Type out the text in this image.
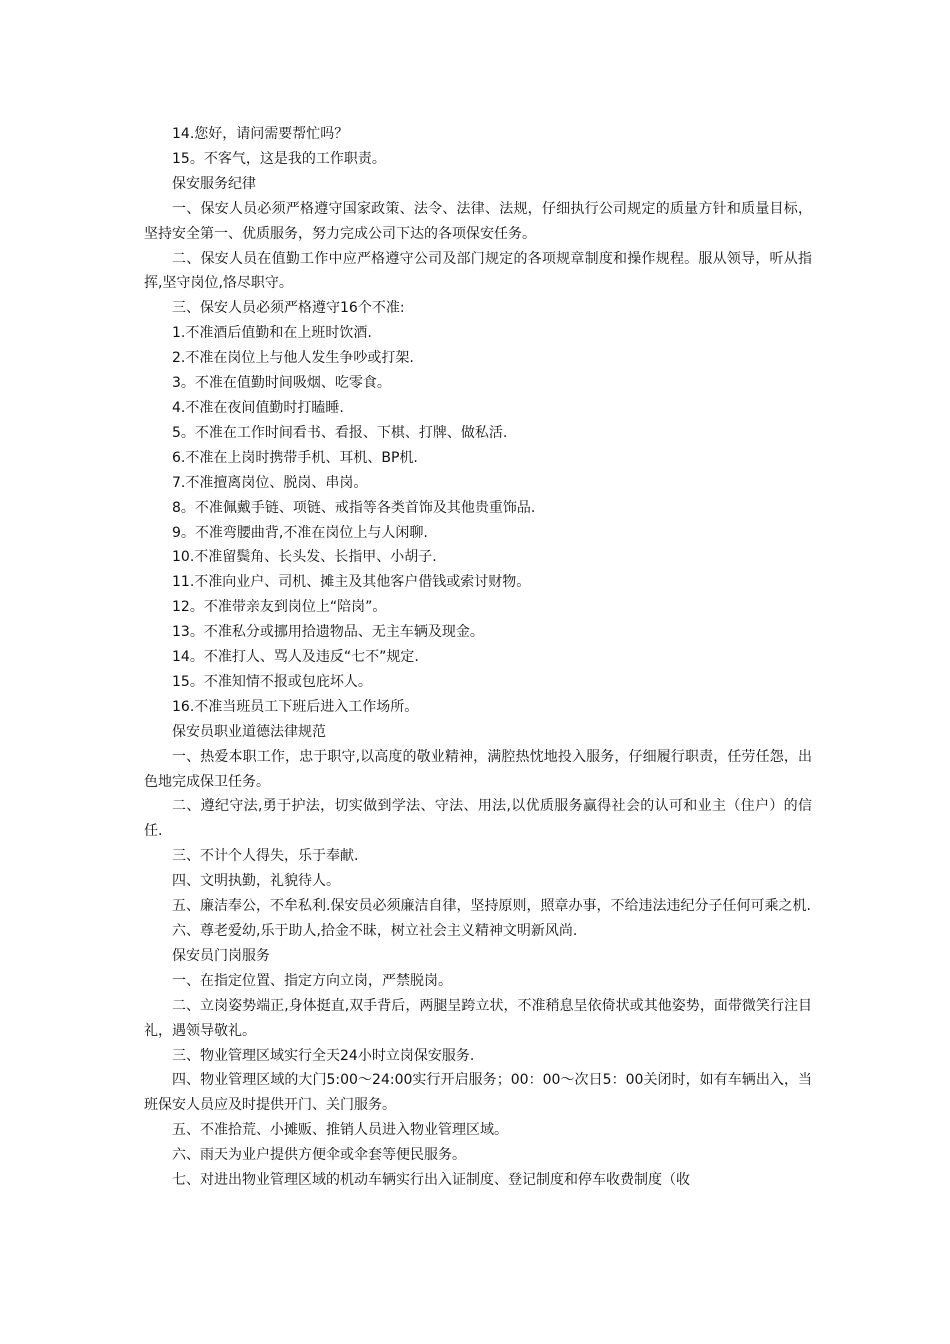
14.您好，请问需要帮忙吗？

15。不客气，这是我的工作职责。

保安服务纪律

一、保安人员必须严格遵守国家政策、法令、法律、法规，仔细执行公司规定的质量方针和质量目标，坚持安全第一、优质服务，努力完成公司下达的各项保安任务。

二、保安人员在值勤工作中应严格遵守公司及部门规定的各项规章制度和操作规程。服从领导，听从指挥,坚守岗位,恪尽职守。

三、保安人员必须严格遵守16个不准:

1.不准酒后值勤和在上班时饮酒.

2.不准在岗位上与他人发生争吵或打架.

3。不准在值勤时间吸烟、吃零食。

4.不准在夜间值勤时打瞌睡.

5。不准在工作时间看书、看报、下棋、打牌、做私活.

6.不准在上岗时携带手机、耳机、BP机.

7.不准擅离岗位、脱岗、串岗。

8。不准佩戴手链、项链、戒指等各类首饰及其他贵重饰品.

9。不准弯腰曲背,不准在岗位上与人闲聊.

10.不准留鬓角、长头发、长指甲、小胡子.

11.不准向业户、司机、摊主及其他客户借钱或索讨财物。

12。不准带亲友到岗位上“陪岗”。

13。不准私分或挪用拾遗物品、无主车辆及现金。

14。不准打人、骂人及违反“七不”规定.

15。不准知情不报或包庇坏人。

16.不准当班员工下班后进入工作场所。

保安员职业道德法律规范

一、热爱本职工作，忠于职守,以高度的敬业精神，满腔热忱地投入服务，仔细履行职责，任劳任怨，出色地完成保卫任务。

二、遵纪守法,勇于护法，切实做到学法、守法、用法,以优质服务赢得社会的认可和业主（住户）的信任.

三、不计个人得失，乐于奉献.

四、文明执勤，礼貌待人。

五、廉洁奉公，不牟私利.保安员必须廉洁自律，坚持原则，照章办事，不给违法违纪分子任何可乘之机.

六、尊老爱幼,乐于助人,拾金不昧，树立社会主义精神文明新风尚.

保安员门岗服务

一、在指定位置、指定方向立岗，严禁脱岗。

二、立岗姿势端正,身体挺直,双手背后，两腿呈跨立状，不准稍息呈依倚状或其他姿势，面带微笑行注目礼，遇领导敬礼。

三、物业管理区域实行全天24小时立岗保安服务.

四、物业管理区域的大门5:00～24:00实行开启服务；00：00～次日5：00关闭时，如有车辆出入，当班保安人员应及时提供开门、关门服务。

五、不准拾荒、小摊贩、推销人员进入物业管理区域。

六、雨天为业户提供方便伞或伞套等便民服务。

七、对进出物业管理区域的机动车辆实行出入证制度、登记制度和停车收费制度（收
